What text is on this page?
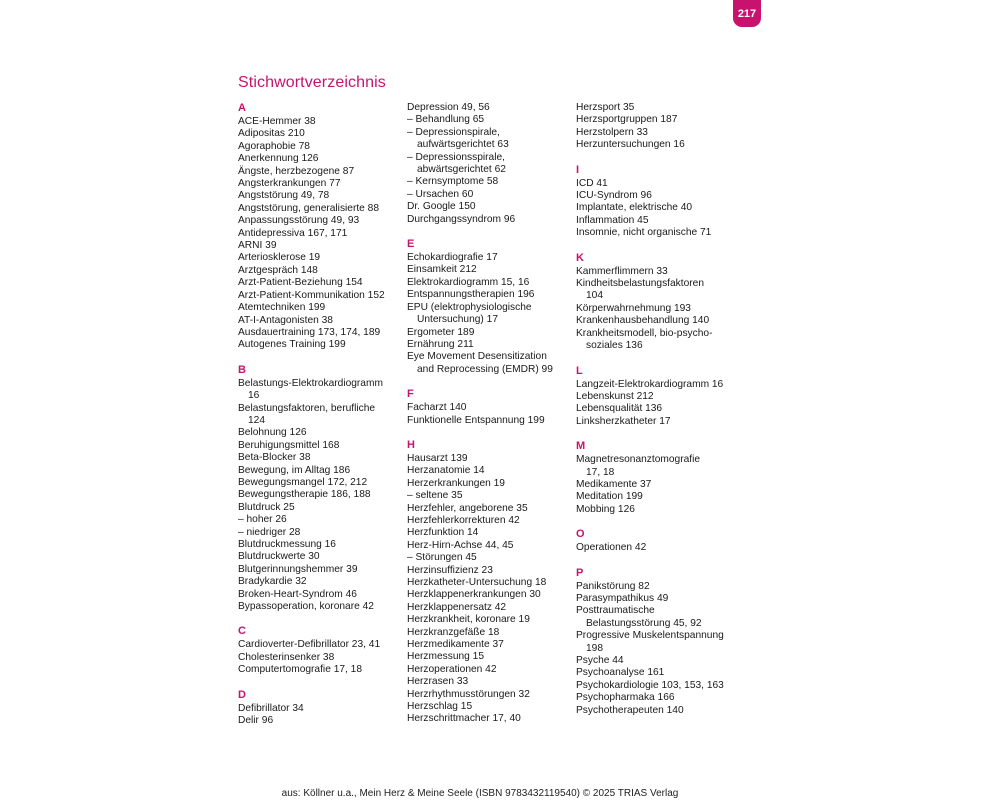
217
Stichwortverzeichnis
A
ACE-Hemmer 38
Adipositas 210
Agoraphobie 78
Anerkennung 126
Ängste, herzbezogene 87
Angsterkrankungen 77
Angststörung 49, 78
Angststörung, generalisierte 88
Anpassungsstörung 49, 93
Antidepressiva 167, 171
ARNI 39
Arteriosklerose 19
Arztgespräch 148
Arzt-Patient-Beziehung 154
Arzt-Patient-Kommunikation 152
Atemtechniken 199
AT-I-Antagonisten 38
Ausdauertraining 173, 174, 189
Autogenes Training 199
B
Belastungs-Elektrokardiogramm
16
Belastungsfaktoren, berufliche
124
Belohnung 126
Beruhigungsmittel 168
Beta-Blocker 38
Bewegung, im Alltag 186
Bewegungsmangel 172, 212
Bewegungstherapie 186, 188
Blutdruck 25
– hoher 26
– niedriger 28
Blutdruckmessung 16
Blutdruckwerte 30
Blutgerinnungshemmer 39
Bradykardie 32
Broken-Heart-Syndrom 46
Bypassoperation, koronare 42
C
Cardioverter-Defibrillator 23, 41
Cholesterinsenker 38
Computertomografie 17, 18
D
Defibrillator 34
Delir 96
Depression 49, 56
– Behandlung 65
– Depressionspirale,
aufwärtsgerichtet 63
– Depressionsspirale,
abwärtsgerichtet 62
– Kernsymptome 58
– Ursachen 60
Dr. Google 150
Durchgangssyndrom 96
E
Echokardiografie 17
Einsamkeit 212
Elektrokardiogramm 15, 16
Entspannungstherapien 196
EPU (elektrophysiologische
Untersuchung) 17
Ergometer 189
Ernährung 211
Eye Movement Desensitization
and Reprocessing (EMDR) 99
F
Facharzt 140
Funktionelle Entspannung 199
H
Hausarzt 139
Herzanatomie 14
Herzerkrankungen 19
– seltene 35
Herzfehler, angeborene 35
Herzfehlerkorrekturen 42
Herzfunktion 14
Herz-Hirn-Achse 44, 45
– Störungen 45
Herzinsuffizienz 23
Herzkatheter-Untersuchung 18
Herzklappenerkrankungen 30
Herzklappenersatz 42
Herzkrankheit, koronare 19
Herzkranzgefäße 18
Herzmedikamente 37
Herzmessung 15
Herzoperationen 42
Herzrasen 33
Herzrhythmusstörungen 32
Herzschlag 15
Herzschrittmacher 17, 40
Herzsport 35
Herzsportgruppen 187
Herzstolpern 33
Herzuntersuchungen 16
I
ICD 41
ICU-Syndrom 96
Implantate, elektrische 40
Inflammation 45
Insomnie, nicht organische 71
K
Kammerflimmern 33
Kindheitsbelastungsfaktoren
104
Körperwahrnehmung 193
Krankenhausbehandlung 140
Krankheitsmodell, bio-psycho-
soziales 136
L
Langzeit-Elektrokardiogramm 16
Lebenskunst 212
Lebensqualität 136
Linksherzkatheter 17
M
Magnetresonanztomografie
17, 18
Medikamente 37
Meditation 199
Mobbing 126
O
Operationen 42
P
Panikstörung 82
Parasympathikus 49
Posttraumatische
Belastungsstörung 45, 92
Progressive Muskelentspannung
198
Psyche 44
Psychoanalyse 161
Psychokardiologie 103, 153, 163
Psychopharmaka 166
Psychotherapeuten 140
aus: Köllner u.a., Mein Herz & Meine Seele (ISBN 9783432119540) © 2025 TRIAS Verlag
